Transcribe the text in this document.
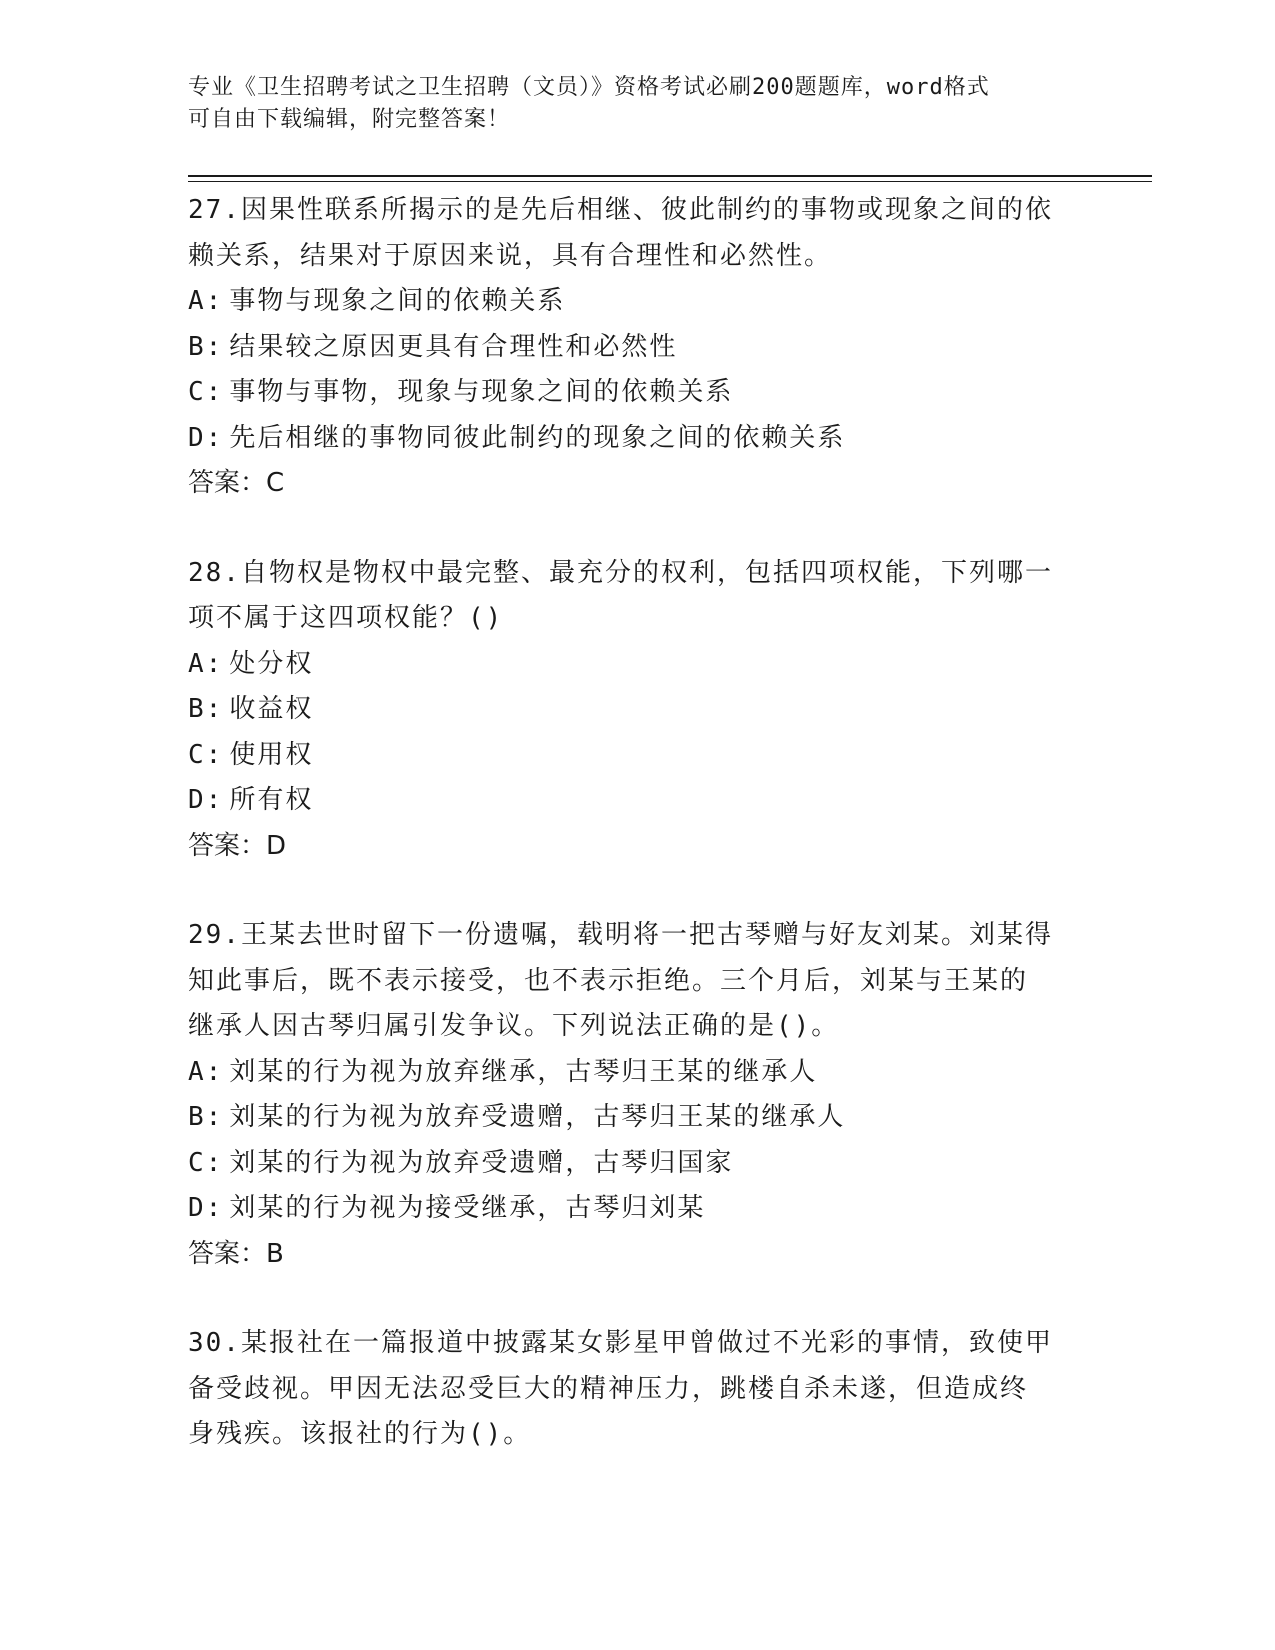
专业《卫生招聘考试之卫生招聘（文员）》资格考试必刷200题题库，word格式
可自由下载编辑，附完整答案！
27.因果性联系所揭示的是先后相继、彼此制约的事物或现象之间的依
赖关系，结果对于原因来说，具有合理性和必然性。
A: 事物与现象之间的依赖关系
B: 结果较之原因更具有合理性和必然性
C: 事物与事物，现象与现象之间的依赖关系
D: 先后相继的事物同彼此制约的现象之间的依赖关系
答案：C
28.自物权是物权中最完整、最充分的权利，包括四项权能，下列哪一
项不属于这四项权能？()
A: 处分权
B: 收益权
C: 使用权
D: 所有权
答案：D
29.王某去世时留下一份遗嘱，载明将一把古琴赠与好友刘某。刘某得
知此事后，既不表示接受，也不表示拒绝。三个月后，刘某与王某的
继承人因古琴归属引发争议。下列说法正确的是()。
A: 刘某的行为视为放弃继承，古琴归王某的继承人
B: 刘某的行为视为放弃受遗赠，古琴归王某的继承人
C: 刘某的行为视为放弃受遗赠，古琴归国家
D: 刘某的行为视为接受继承，古琴归刘某
答案：B
30.某报社在一篇报道中披露某女影星甲曾做过不光彩的事情，致使甲
备受歧视。甲因无法忍受巨大的精神压力，跳楼自杀未遂，但造成终
身残疾。该报社的行为()。
